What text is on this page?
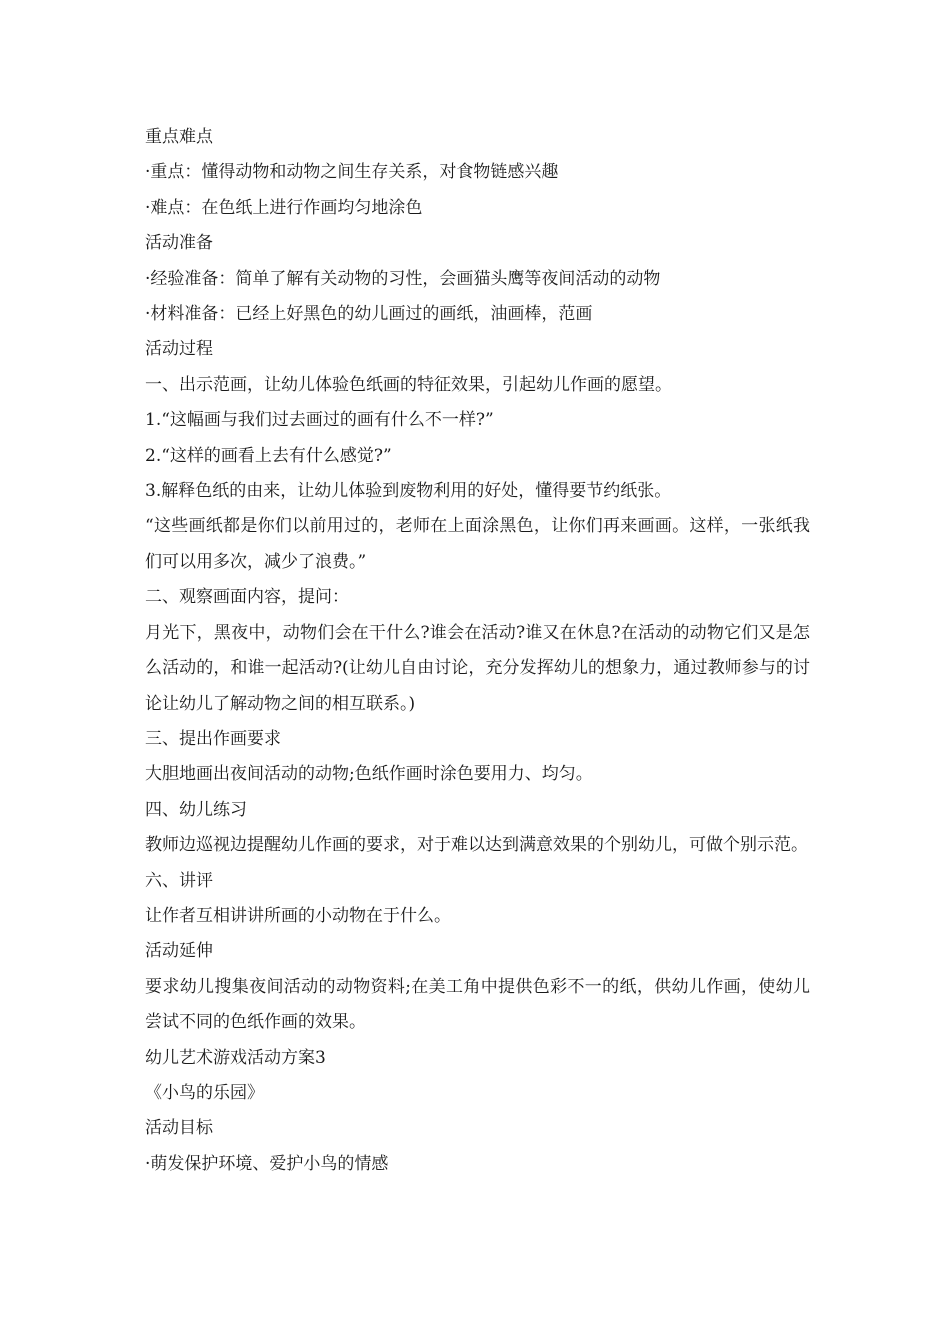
重点难点

·重点：懂得动物和动物之间生存关系，对食物链感兴趣

·难点：在色纸上进行作画均匀地涂色

活动准备

·经验准备：简单了解有关动物的习性，会画猫头鹰等夜间活动的动物

·材料准备：已经上好黑色的幼儿画过的画纸，油画棒，范画

活动过程

一、出示范画，让幼儿体验色纸画的特征效果，引起幼儿作画的愿望。

1.“这幅画与我们过去画过的画有什么不一样?”

2.“这样的画看上去有什么感觉?”

3.解释色纸的由来，让幼儿体验到废物利用的好处，懂得要节约纸张。

“这些画纸都是你们以前用过的，老师在上面涂黑色，让你们再来画画。这样，一张纸我们可以用多次，减少了浪费。”

二、观察画面内容，提问：

月光下，黑夜中，动物们会在干什么?谁会在活动?谁又在休息?在活动的动物它们又是怎么活动的，和谁一起活动?(让幼儿自由讨论，充分发挥幼儿的想象力，通过教师参与的讨论让幼儿了解动物之间的相互联系。)

三、提出作画要求

大胆地画出夜间活动的动物;色纸作画时涂色要用力、均匀。

四、幼儿练习

教师边巡视边提醒幼儿作画的要求，对于难以达到满意效果的个别幼儿，可做个别示范。

六、讲评

让作者互相讲讲所画的小动物在于什么。

活动延伸

要求幼儿搜集夜间活动的动物资料;在美工角中提供色彩不一的纸，供幼儿作画，使幼儿尝试不同的色纸作画的效果。

幼儿艺术游戏活动方案3

《小鸟的乐园》

活动目标

·萌发保护环境、爱护小鸟的情感
